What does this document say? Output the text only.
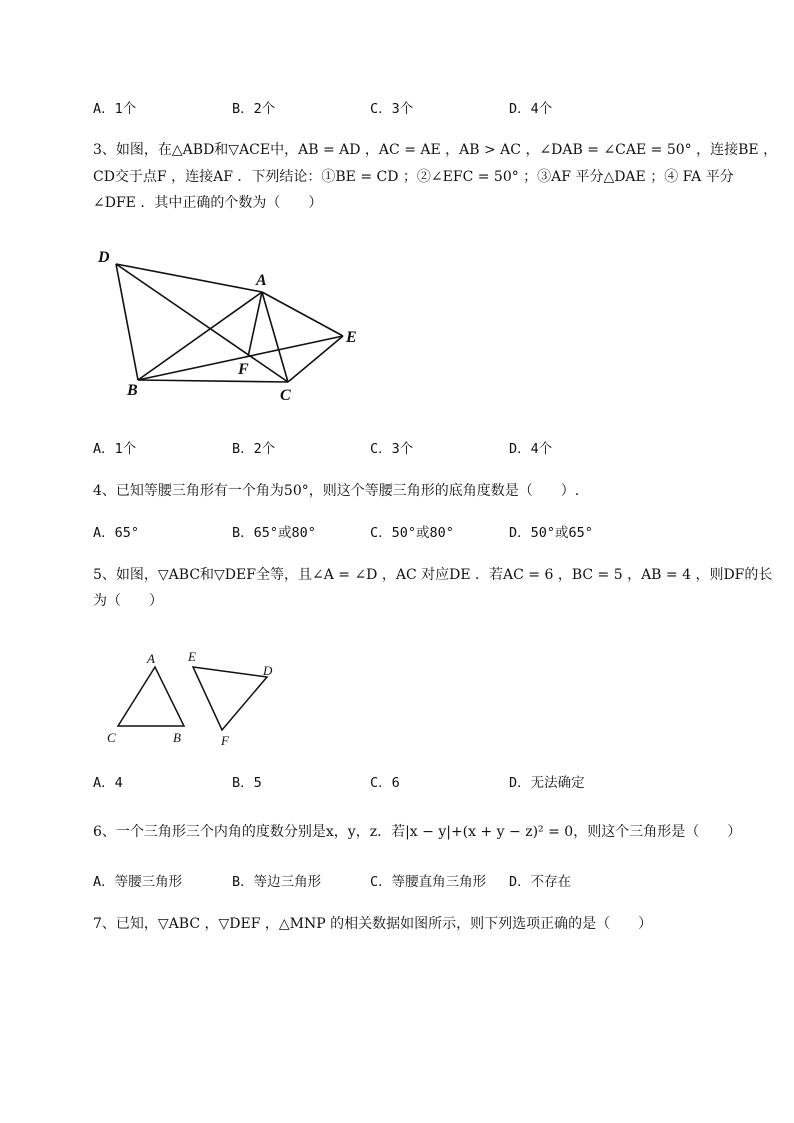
A．1个	B．2个	C．3个	D．4个
3、如图，在△ABD和▽ACE中，AB = AD ，AC = AE ，AB > AC ，∠DAB = ∠CAE = 50° ，连接BE ，
CD交于点F ，连接AF ．下列结论：①BE = CD ；②∠EFC = 50° ；③AF 平分△DAE ；④ FA 平分
∠DFE ．其中正确的个数为（　　）
D
A
E
F
B	C
A．1个	B．2个	C．3个	D．4个
4、已知等腰三角形有一个角为50°，则这个等腰三角形的底角度数是（　　）.
A．65°	B．65°或80°	C．50°或80°	D．50°或65°
5、如图，▽ABC和▽DEF全等，且∠A = ∠D ，AC 对应DE ．若AC = 6 ，BC = 5 ，AB = 4 ，则DF的长
为（　　）
A
C	B
E
D
F
A．4	B．5	C．6	D．无法确定
6、一个三角形三个内角的度数分别是x，y，z．若|x − y|+(x + y − z)² = 0，则这个三角形是（　　）
A．等腰三角形	B．等边三角形	C．等腰直角三角形 D．不存在
7、已知，▽ABC ，▽DEF ，△MNP 的相关数据如图所示，则下列选项正确的是（　　）
